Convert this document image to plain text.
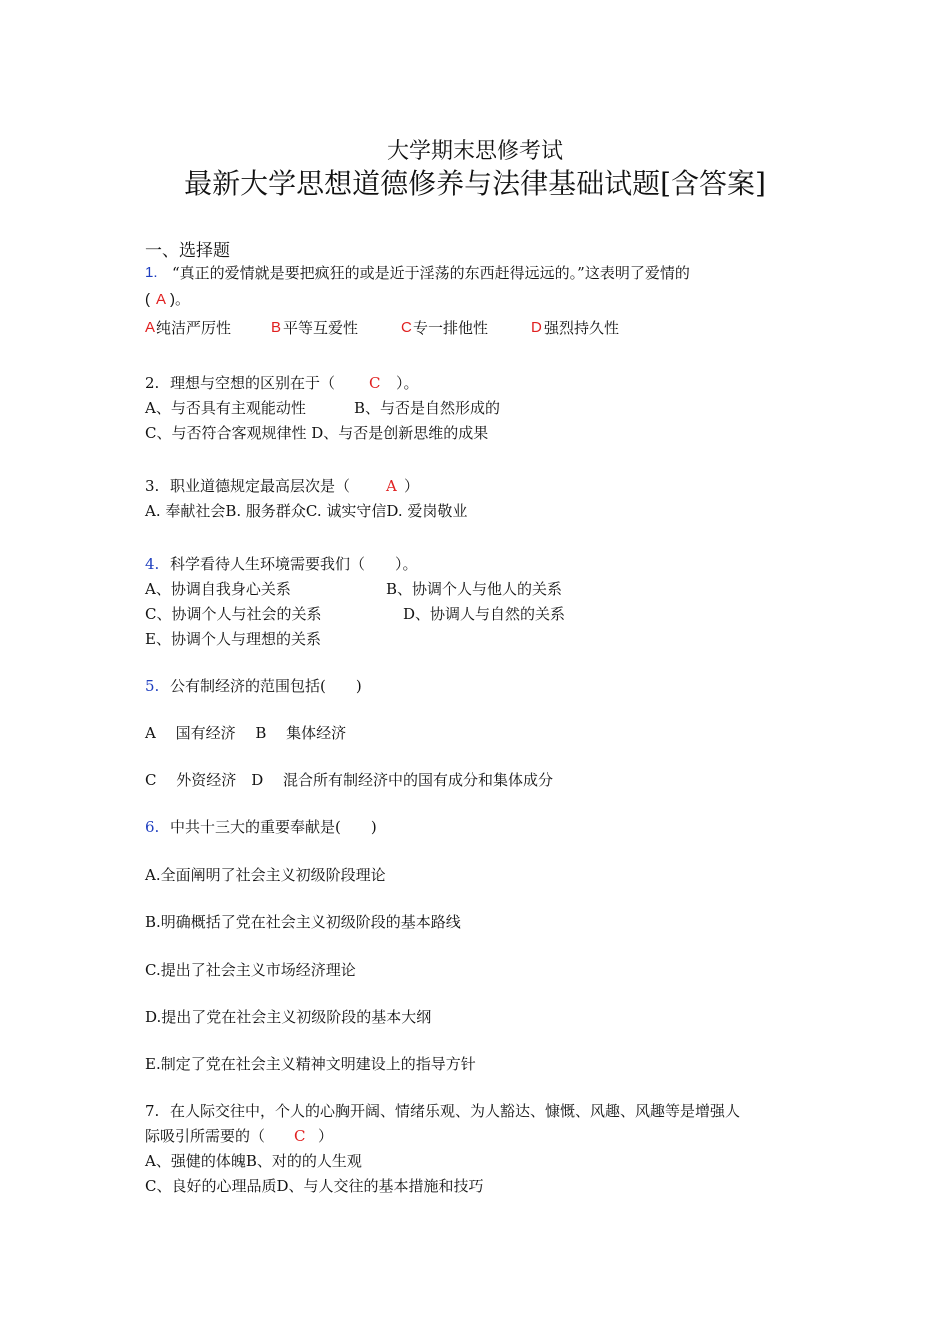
大学期末思修考试
最新大学思想道德修养与法律基础试题[含答案]
一、选择题
1. “真正的爱情就是要把疯狂的或是近于淫荡的东西赶得远远的。”这表明了爱情的
( A )。
A 纯洁严厉性	B 平等互爱性	C 专一排他性	D 强烈持久性
2. 理想与空想的区别在于（ C ）。
A、与否具有主观能动性	B、与否是自然形成的
C、与否符合客观规律性 D、与否是创新思维的成果
3. 职业道德规定最高层次是（ A ）
A. 奉献社会B. 服务群众C. 诚实守信D. 爱岗敬业
4. 科学看待人生环境需要我们（　　）。
A、协调自我身心关系	B、协调个人与他人的关系
C、协调个人与社会的关系	D、协调人与自然的关系
E、协调个人与理想的关系
5. 公有制经济的范围包括(　　)
A　 国有经济　 B　 集体经济
C　 外资经济　D　 混合所有制经济中的国有成分和集体成分
6. 中共十三大的重要奉献是(　　)
A.全面阐明了社会主义初级阶段理论
B.明确概括了党在社会主义初级阶段的基本路线
C.提出了社会主义市场经济理论
D.提出了党在社会主义初级阶段的基本大纲
E.制定了党在社会主义精神文明建设上的指导方针
7. 在人际交往中，个人的心胸开阔、情绪乐观、为人豁达、慷慨、风趣、风趣等是增强人
际吸引所需要的（ C ）
A、强健的体魄B、对的的人生观
C、良好的心理品质D、与人交往的基本措施和技巧
